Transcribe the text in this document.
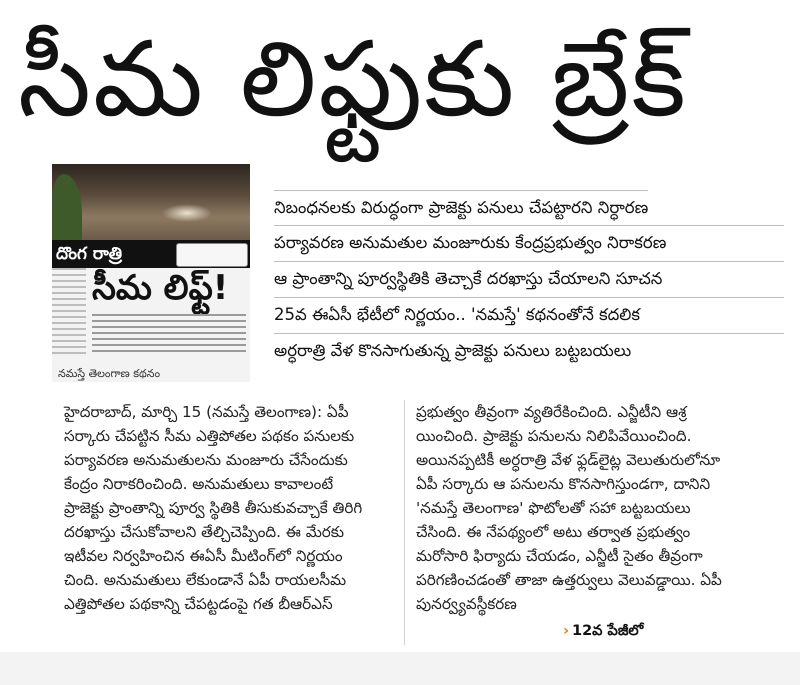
సీమ లిఫ్టుకు బ్రేక్
దొంగ రాత్రి
సీమ లిఫ్ట్!
నమస్తే తెలంగాణ కథనం
నిబంధనలకు విరుద్ధంగా ప్రాజెక్టు పనులు చేపట్టారని నిర్ధారణ
పర్యావరణ అనుమతుల మంజూరుకు కేంద్రప్రభుత్వం నిరాకరణ
ఆ ప్రాంతాన్ని పూర్వస్థితికి తెచ్చాకే దరఖాస్తు చేయాలని సూచన
25వ ఈఏసీ భేటీలో నిర్ణయం.. 'నమస్తే' కథనంతోనే కదలిక
అర్ధరాత్రి వేళ కొనసాగుతున్న ప్రాజెక్టు పనులు బట్టబయలు
హైదరాబాద్, మార్చి 15 (నమస్తే తెలంగాణ): ఏపీ
సర్కారు చేపట్టిన సీమ ఎత్తిపోతల పథకం పనులకు
పర్యావరణ అనుమతులను మంజూరు చేసేందుకు
కేంద్రం నిరాకరించింది. అనుమతులు కావాలంటే
ప్రాజెక్టు ప్రాంతాన్ని పూర్వ స్థితికి తీసుకువచ్చాకే తిరిగి
దరఖాస్తు చేసుకోవాలని తేల్చిచెప్పింది. ఈ మేరకు
ఇటీవల నిర్వహించిన ఈఏసీ మీటింగ్‌లో నిర్ణయం
చింది. అనుమతులు లేకుండానే ఏపీ రాయలసీమ
ఎత్తిపోతల పథకాన్ని చేపట్టడంపై గత బీఆర్‌ఎస్
ప్రభుత్వం తీవ్రంగా వ్యతిరేకించింది. ఎన్జీటీని ఆశ్ర
యించింది. ప్రాజెక్టు పనులను నిలిపివేయించింది.
అయినప్పటికీ అర్ధరాత్రి వేళ ఫ్లడ్‌లైట్ల వెలుతురులోనూ
ఏపీ సర్కారు ఆ పనులను కొనసాగిస్తుండగా, దానిని
'నమస్తే తెలంగాణ' ఫొటోలతో సహా బట్టబయలు
చేసింది. ఈ నేపథ్యంలో అటు తర్వాత ప్రభుత్వం
మరోసారి ఫిర్యాదు చేయడం, ఎన్జీటీ సైతం తీవ్రంగా
పరిగణించడంతో తాజా ఉత్తర్వులు వెలువడ్డాయి. ఏపీ
పునర్వ్యవస్థీకరణ
› 12వ పేజీలో
